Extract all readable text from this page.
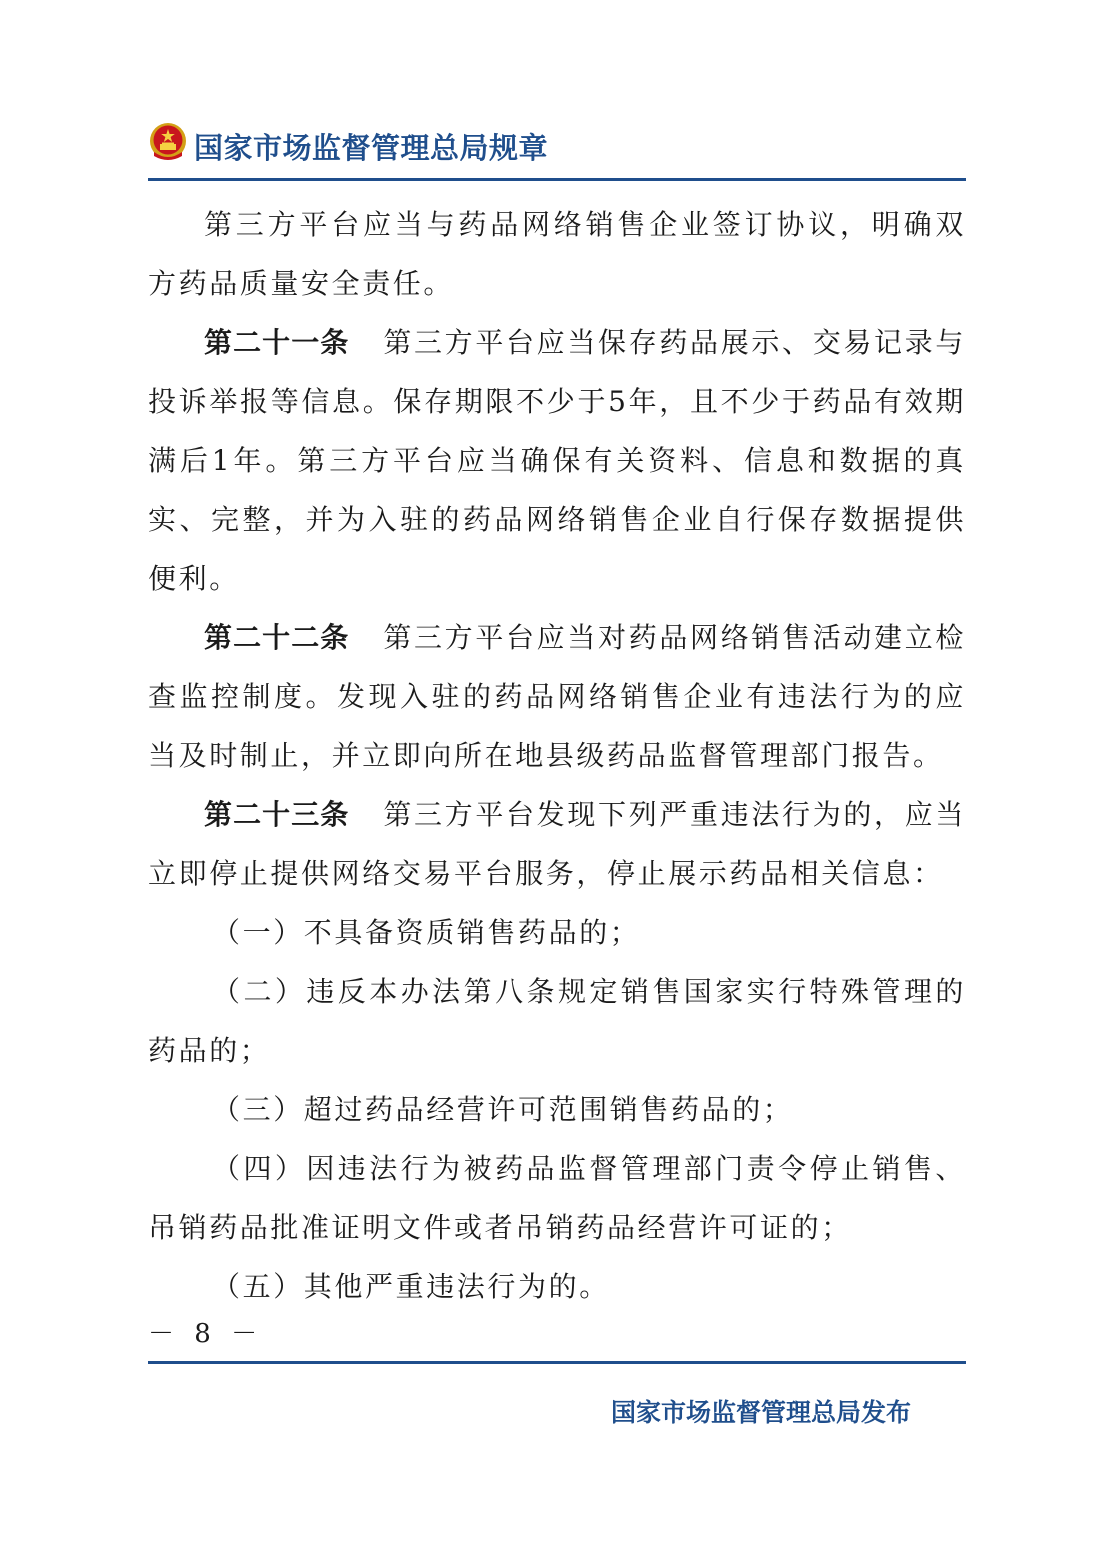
国家市场监督管理总局规章

第三方平台应当与药品网络销售企业签订协议，明确双方药品质量安全责任。

第二十一条 第三方平台应当保存药品展示、交易记录与投诉举报等信息。保存期限不少于5年，且不少于药品有效期满后1年。第三方平台应当确保有关资料、信息和数据的真实、完整，并为入驻的药品网络销售企业自行保存数据提供便利。

第二十二条 第三方平台应当对药品网络销售活动建立检查监控制度。发现入驻的药品网络销售企业有违法行为的应当及时制止，并立即向所在地县级药品监督管理部门报告。

第二十三条 第三方平台发现下列严重违法行为的，应当立即停止提供网络交易平台服务，停止展示药品相关信息：

（一）不具备资质销售药品的；

（二）违反本办法第八条规定销售国家实行特殊管理的药品的；

（三）超过药品经营许可范围销售药品的；

（四）因违法行为被药品监督管理部门责令停止销售、吊销药品批准证明文件或者吊销药品经营许可证的；

（五）其他严重违法行为的。

－ 8 －
国家市场监督管理总局发布
